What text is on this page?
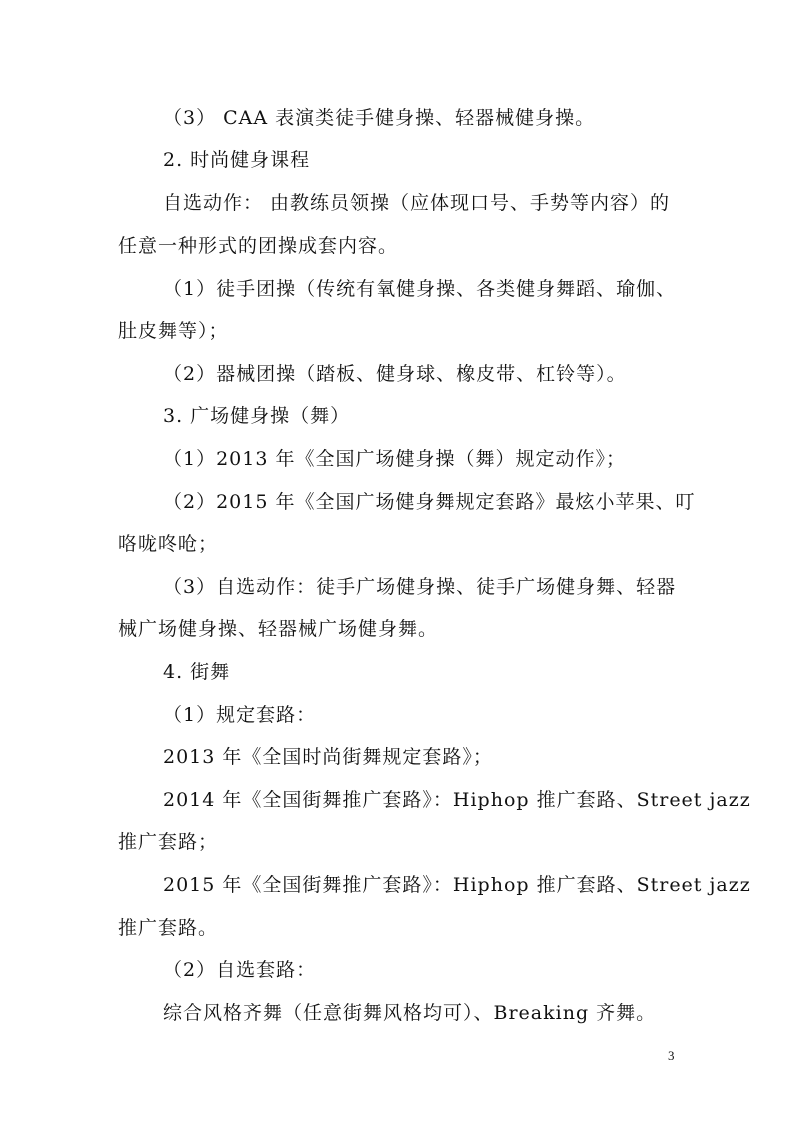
（3） CAA 表演类徒手健身操、轻器械健身操。
2. 时尚健身课程
自选动作： 由教练员领操（应体现口号、手势等内容）的
任意一种形式的团操成套内容。
（1）徒手团操（传统有氧健身操、各类健身舞蹈、瑜伽、
肚皮舞等）；
（2）器械团操（踏板、健身球、橡皮带、杠铃等）。
3. 广场健身操（舞）
（1）2013 年《全国广场健身操（舞）规定动作》；
（2）2015 年《全国广场健身舞规定套路》最炫小苹果、叮
咯咙咚呛；
（3）自选动作：徒手广场健身操、徒手广场健身舞、轻器
械广场健身操、轻器械广场健身舞。
4. 街舞
（1）规定套路：
2013 年《全国时尚街舞规定套路》；
2014 年《全国街舞推广套路》：Hiphop 推广套路、Street jazz
推广套路；
2015 年《全国街舞推广套路》：Hiphop 推广套路、Street jazz
推广套路。
（2）自选套路：
综合风格齐舞（任意街舞风格均可）、Breaking 齐舞。
3
